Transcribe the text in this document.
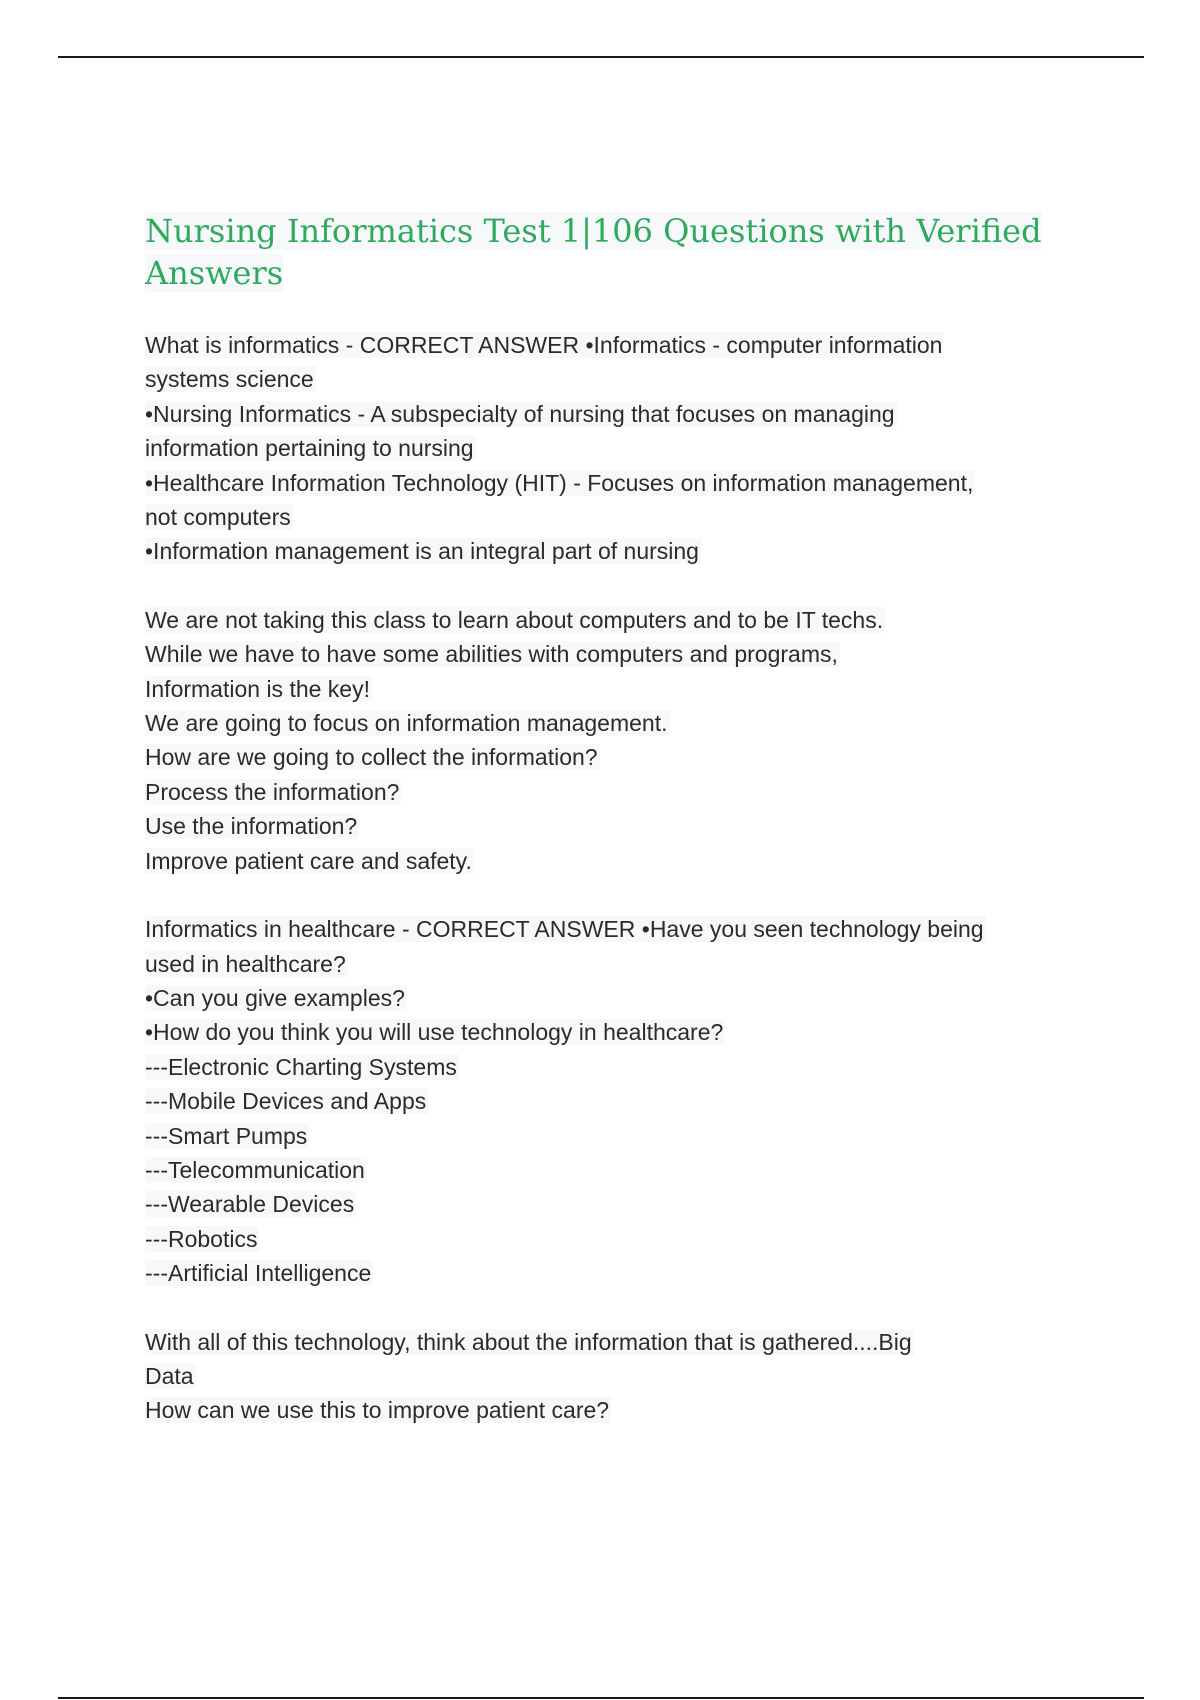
Nursing Informatics Test 1|106 Questions with Verified
Answers
What is informatics - CORRECT ANSWER •Informatics - computer information
systems science
•Nursing Informatics - A subspecialty of nursing that focuses on managing
information pertaining to nursing
•Healthcare Information Technology (HIT) - Focuses on information management,
not computers
•Information management is an integral part of nursing
We are not taking this class to learn about computers and to be IT techs.
While we have to have some abilities with computers and programs,
Information is the key!
We are going to focus on information management.
How are we going to collect the information?
Process the information?
Use the information?
Improve patient care and safety.
Informatics in healthcare - CORRECT ANSWER •Have you seen technology being
used in healthcare?
•Can you give examples?
•How do you think you will use technology in healthcare?
---Electronic Charting Systems
---Mobile Devices and Apps
---Smart Pumps
---Telecommunication
---Wearable Devices
---Robotics
---Artificial Intelligence
With all of this technology, think about the information that is gathered....Big
Data
How can we use this to improve patient care?
